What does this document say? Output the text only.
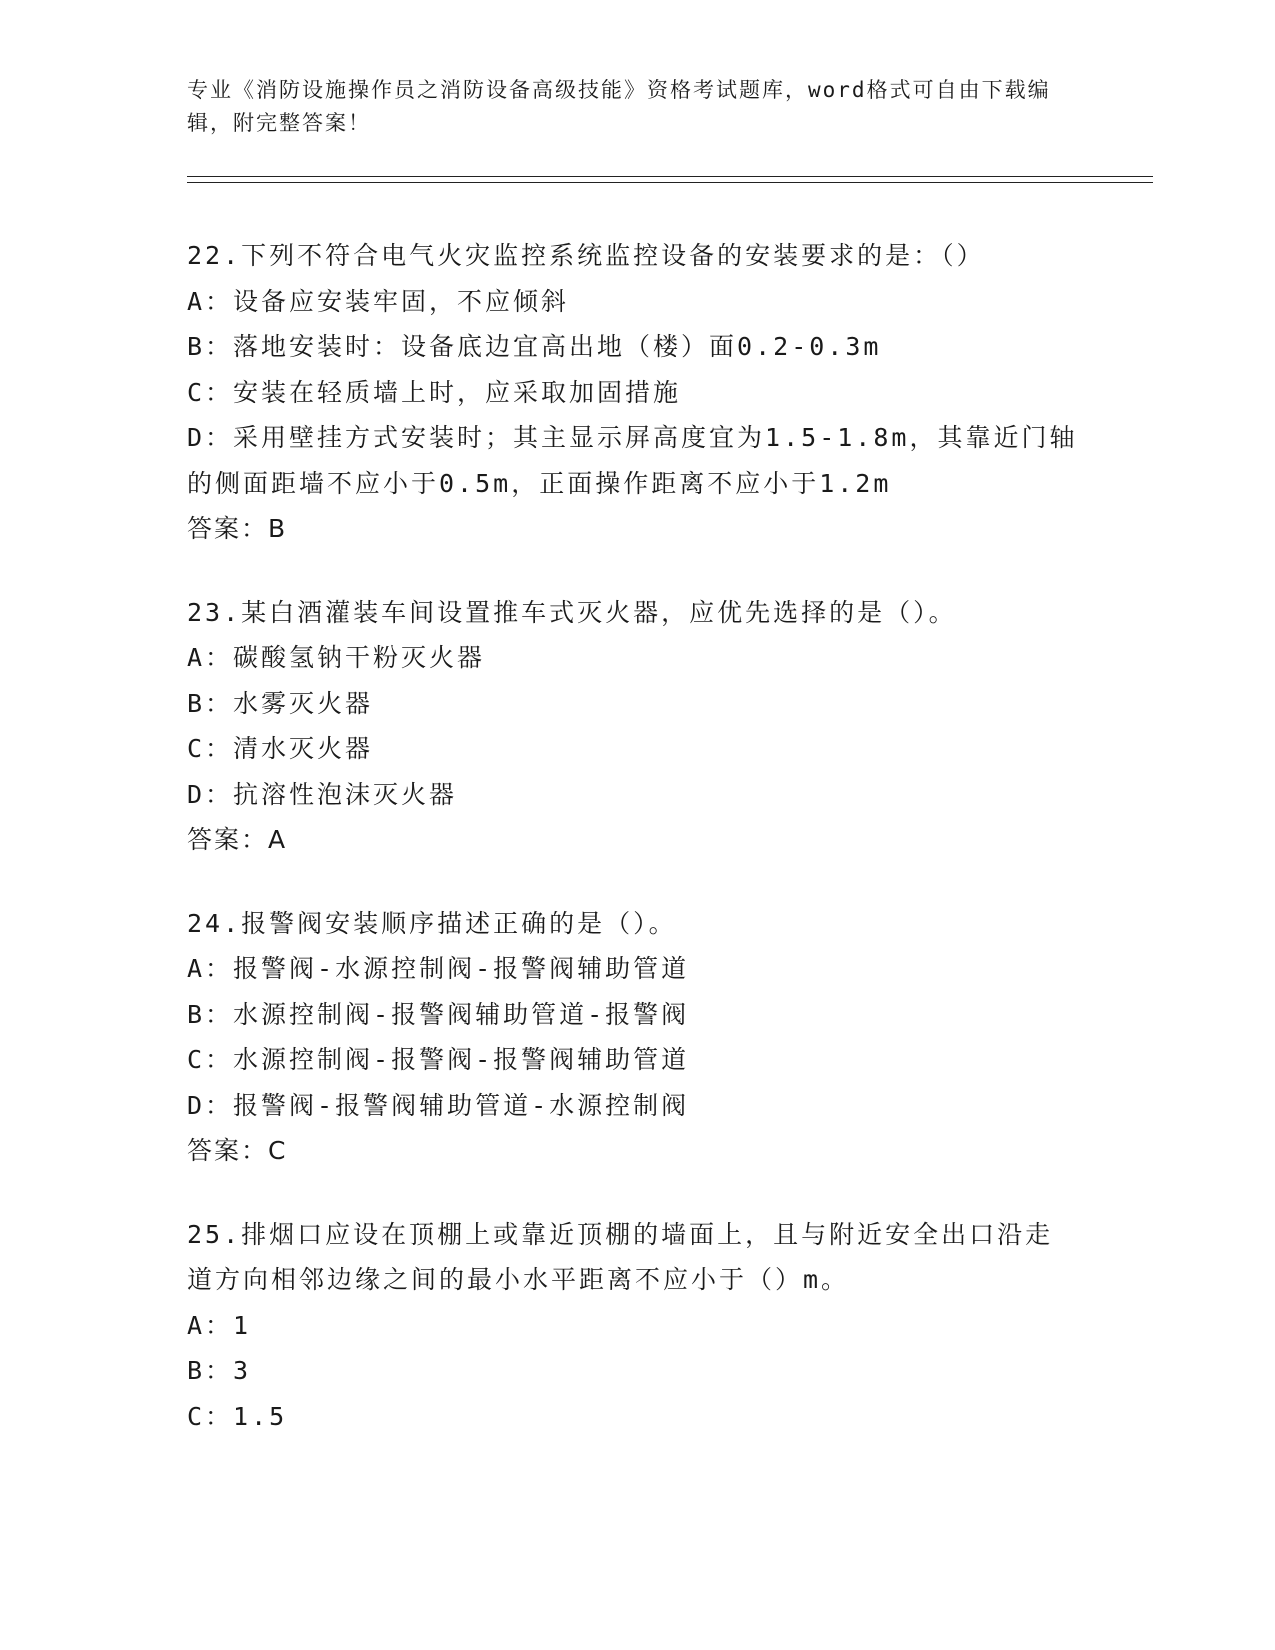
专业《消防设施操作员之消防设备高级技能》资格考试题库，word格式可自由下载编辑，附完整答案！
22.下列不符合电气火灾监控系统监控设备的安装要求的是：（）
A：设备应安装牢固，不应倾斜
B：落地安装时：设备底边宜高出地（楼）面0.2-0.3m
C：安装在轻质墙上时，应采取加固措施
D：采用壁挂方式安装时；其主显示屏高度宜为1.5-1.8m，其靠近门轴
的侧面距墙不应小于0.5m，正面操作距离不应小于1.2m
答案：B
23.某白酒灌装车间设置推车式灭火器，应优先选择的是（）。
A：碳酸氢钠干粉灭火器
B：水雾灭火器
C：清水灭火器
D：抗溶性泡沫灭火器
答案：A
24.报警阀安装顺序描述正确的是（）。
A：报警阀-水源控制阀-报警阀辅助管道
B：水源控制阀-报警阀辅助管道-报警阀
C：水源控制阀-报警阀-报警阀辅助管道
D：报警阀-报警阀辅助管道-水源控制阀
答案：C
25.排烟口应设在顶棚上或靠近顶棚的墙面上，且与附近安全出口沿走
道方向相邻边缘之间的最小水平距离不应小于（）m。
A：1
B：3
C：1.5
